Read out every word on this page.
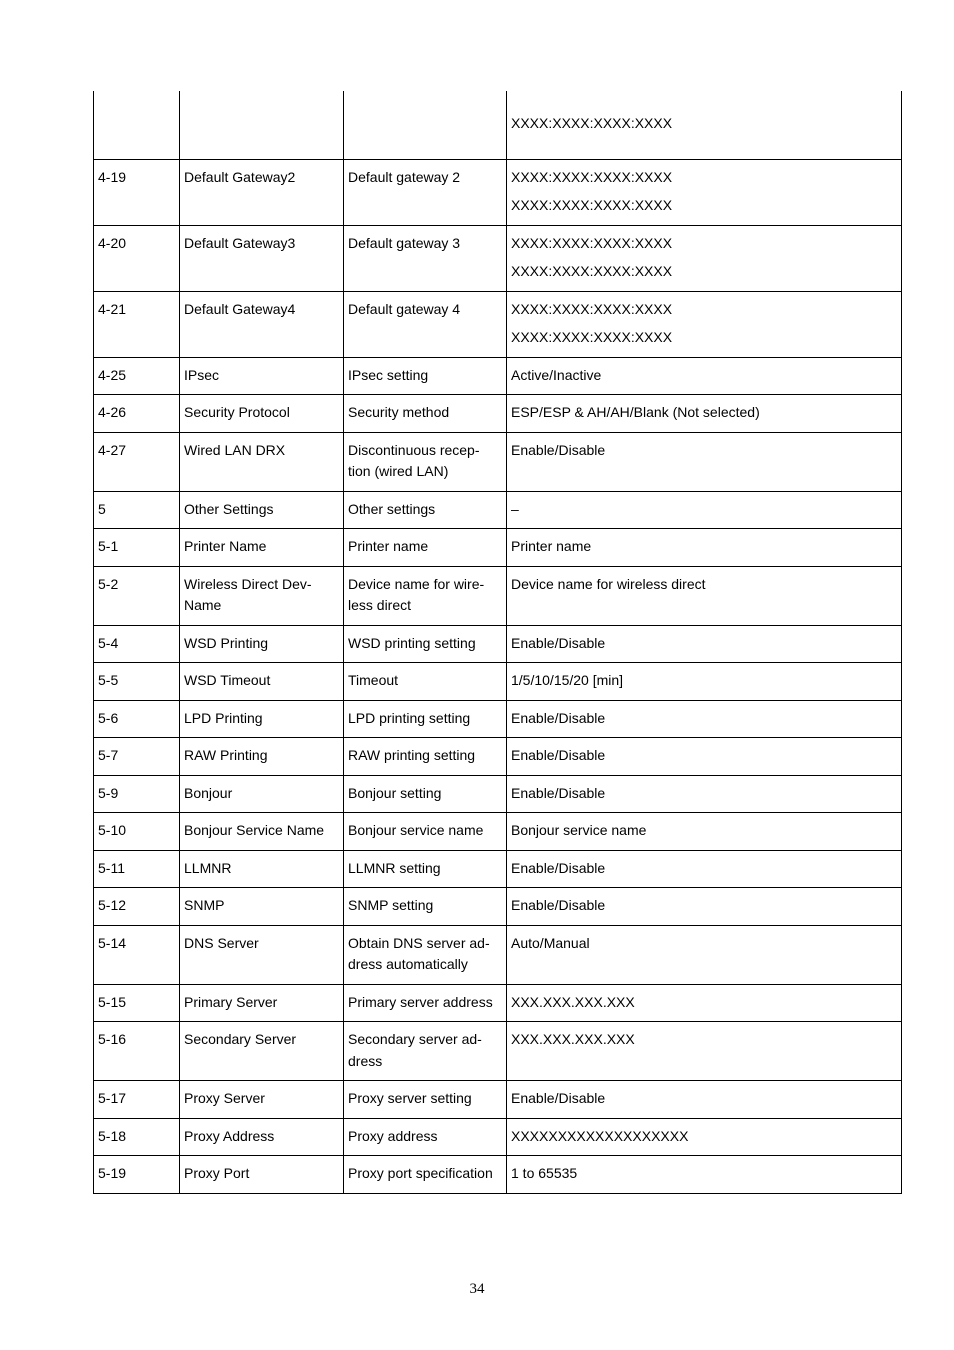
			XXXX:XXXX:XXXX:XXXX

4-19	Default Gateway2	Default gateway 2	XXXX:XXXX:XXXX:XXXX

XXXX:XXXX:XXXX:XXXX

4-20	Default Gateway3	Default gateway 3	XXXX:XXXX:XXXX:XXXX

XXXX:XXXX:XXXX:XXXX

4-21	Default Gateway4	Default gateway 4	XXXX:XXXX:XXXX:XXXX

XXXX:XXXX:XXXX:XXXX

4-25	IPsec	IPsec setting	Active/Inactive

4-26	Security Protocol	Security method	ESP/ESP & AH/AH/Blank (Not selected)

4-27	Wired LAN DRX	Discontinuous recep-
tion (wired LAN)	Enable/Disable

5	Other Settings	Other settings	–

5-1	Printer Name	Printer name	Printer name

5-2	Wireless Direct Dev-
Name	Device name for wire-
less direct	Device name for wireless direct

5-4	WSD Printing	WSD printing setting	Enable/Disable

5-5	WSD Timeout	Timeout	1/5/10/15/20 [min]

5-6	LPD Printing	LPD printing setting	Enable/Disable

5-7	RAW Printing	RAW printing setting	Enable/Disable

5-9	Bonjour	Bonjour setting	Enable/Disable

5-10	Bonjour Service Name	Bonjour service name	Bonjour service name

5-11	LLMNR	LLMNR setting	Enable/Disable

5-12	SNMP	SNMP setting	Enable/Disable

5-14	DNS Server	Obtain DNS server ad-
dress automatically	Auto/Manual

5-15	Primary Server	Primary server address	XXX.XXX.XXX.XXX

5-16	Secondary Server	Secondary server ad-
dress	XXX.XXX.XXX.XXX

5-17	Proxy Server	Proxy server setting	Enable/Disable

5-18	Proxy Address	Proxy address	XXXXXXXXXXXXXXXXXXX

5-19	Proxy Port	Proxy port specification	1 to 65535

34
